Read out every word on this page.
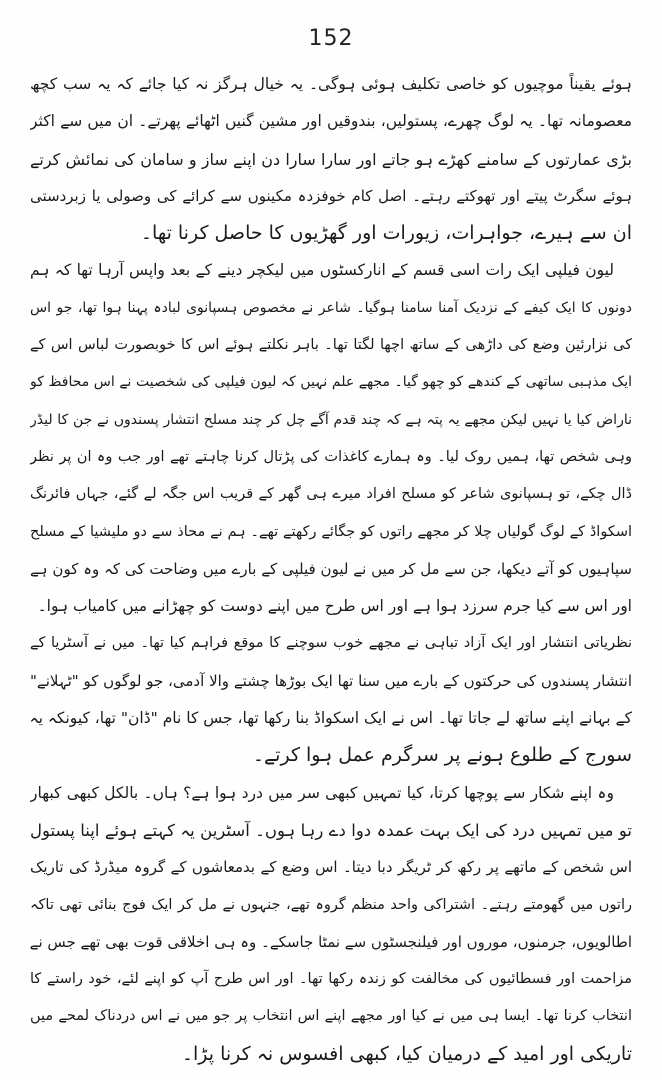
152
ہوئے یقیناً موچیوں کو خاصی تکلیف ہوئی ہوگی۔ یہ خیال ہرگز نہ کیا جائے کہ یہ سب کچھ
معصومانہ تھا۔ یہ لوگ چھرے، پستولیں، بندوقیں اور مشین گنیں اٹھائے پھرتے۔ ان میں سے اکثر
بڑی عمارتوں کے سامنے کھڑے ہو جاتے اور سارا سارا دن اپنے ساز و سامان کی نمائش کرتے
ہوئے سگرٹ پیتے اور تھوکتے رہتے۔ اصل کام خوفزدہ مکینوں سے کرائے کی وصولی یا زبردستی
ان سے ہیرے، جواہرات، زیورات اور گھڑیوں کا حاصل کرنا تھا۔
لیون فیلپی ایک رات اسی قسم کے انارکسٹوں میں لیکچر دینے کے بعد واپس آرہا تھا کہ ہم
دونوں کا ایک کیفے کے نزدیک آمنا سامنا ہوگیا۔ شاعر نے مخصوص ہسپانوی لبادہ پہنا ہوا تھا، جو اس
کی نزارئین وضع کی داڑھی کے ساتھ اچھا لگتا تھا۔ باہر نکلتے ہوئے اس کا خوبصورت لباس اس کے
ایک مذہبی ساتھی کے کندھے کو چھو گیا۔ مجھے علم نہیں کہ لیون فیلپی کی شخصیت نے اس محافظ کو
ناراض کیا یا نہیں لیکن مجھے یہ پتہ ہے کہ چند قدم آگے چل کر چند مسلح انتشار پسندوں نے جن کا لیڈر
وہی شخص تھا، ہمیں روک لیا۔ وہ ہمارے کاغذات کی پڑتال کرنا چاہتے تھے اور جب وہ ان پر نظر
ڈال چکے، تو ہسپانوی شاعر کو مسلح افراد میرے ہی گھر کے قریب اس جگہ لے گئے، جہاں فائرنگ
اسکواڈ کے لوگ گولیاں چلا کر مجھے راتوں کو جگائے رکھتے تھے۔ ہم نے محاذ سے دو ملیشیا کے مسلح
سپاہیوں کو آتے دیکھا، جن سے مل کر میں نے لیون فیلپی کے بارے میں وضاحت کی کہ وہ کون ہے
اور اس سے کیا جرم سرزد ہوا ہے اور اس طرح میں اپنے دوست کو چھڑانے میں کامیاب ہوا۔
نظریاتی انتشار اور ایک آزاد تباہی نے مجھے خوب سوچنے کا موقع فراہم کیا تھا۔ میں نے آسٹریا کے
انتشار پسندوں کی حرکتوں کے بارے میں سنا تھا ایک بوڑھا چشتے والا آدمی، جو لوگوں کو "ٹہلانے"
کے بہانے اپنے ساتھ لے جاتا تھا۔ اس نے ایک اسکواڈ بنا رکھا تھا، جس کا نام "ڈان" تھا، کیونکہ یہ
سورج کے طلوع ہونے پر سرگرم عمل ہوا کرتے۔
وہ اپنے شکار سے پوچھا کرتا، کیا تمہیں کبھی سر میں درد ہوا ہے؟ ہاں۔ بالکل کبھی کبھار
تو میں تمہیں درد کی ایک بہت عمدہ دوا دے رہا ہوں۔ آسٹرین یہ کہتے ہوئے اپنا پستول
اس شخص کے ماتھے پر رکھ کر ٹریگر دبا دیتا۔ اس وضع کے بدمعاشوں کے گروہ میڈرڈ کی تاریک
راتوں میں گھومتے رہتے۔ اشتراکی واحد منظم گروہ تھے، جنہوں نے مل کر ایک فوج بنائی تھی تاکہ
اطالویوں، جرمنوں، موروں اور فیلنجسٹوں سے نمٹا جاسکے۔ وہ ہی اخلاقی قوت بھی تھے جس نے
مزاحمت اور فسطائیوں کی مخالفت کو زندہ رکھا تھا۔ اور اس طرح آپ کو اپنے لئے، خود راستے کا
انتخاب کرنا تھا۔ ایسا ہی میں نے کیا اور مجھے اپنے اس انتخاب پر جو میں نے اس دردناک لمحے میں
تاریکی اور امید کے درمیان کیا، کبھی افسوس نہ کرنا پڑا۔
